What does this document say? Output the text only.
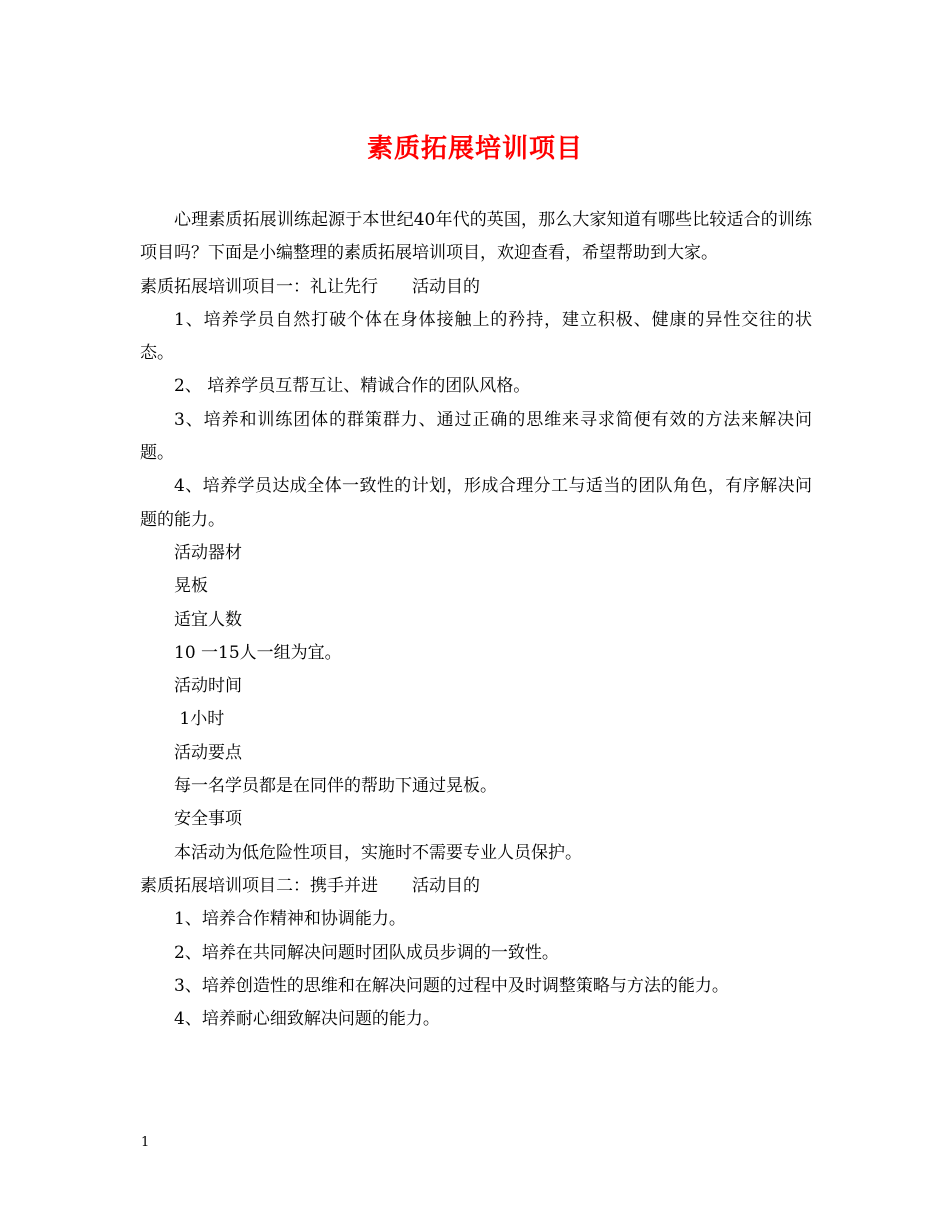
素质拓展培训项目

心理素质拓展训练起源于本世纪40年代的英国，那么大家知道有哪些比较适合的训练项目吗？下面是小编整理的素质拓展培训项目，欢迎查看，希望帮助到大家。

素质拓展培训项目一：礼让先行　　活动目的

1、培养学员自然打破个体在身体接触上的矜持，建立积极、健康的异性交往的状态。

2、 培养学员互帮互让、精诚合作的团队风格。

3、培养和训练团体的群策群力、通过正确的思维来寻求简便有效的方法来解决问题。

4、培养学员达成全体一致性的计划，形成合理分工与适当的团队角色，有序解决问题的能力。

活动器材

晃板

适宜人数

10 一15人一组为宜。

活动时间

1小时

活动要点

每一名学员都是在同伴的帮助下通过晃板。

安全事项

本活动为低危险性项目，实施时不需要专业人员保护。

素质拓展培训项目二：携手并进　　活动目的

1、培养合作精神和协调能力。

2、培养在共同解决问题时团队成员步调的一致性。

3、培养创造性的思维和在解决问题的过程中及时调整策略与方法的能力。

4、培养耐心细致解决问题的能力。

1
